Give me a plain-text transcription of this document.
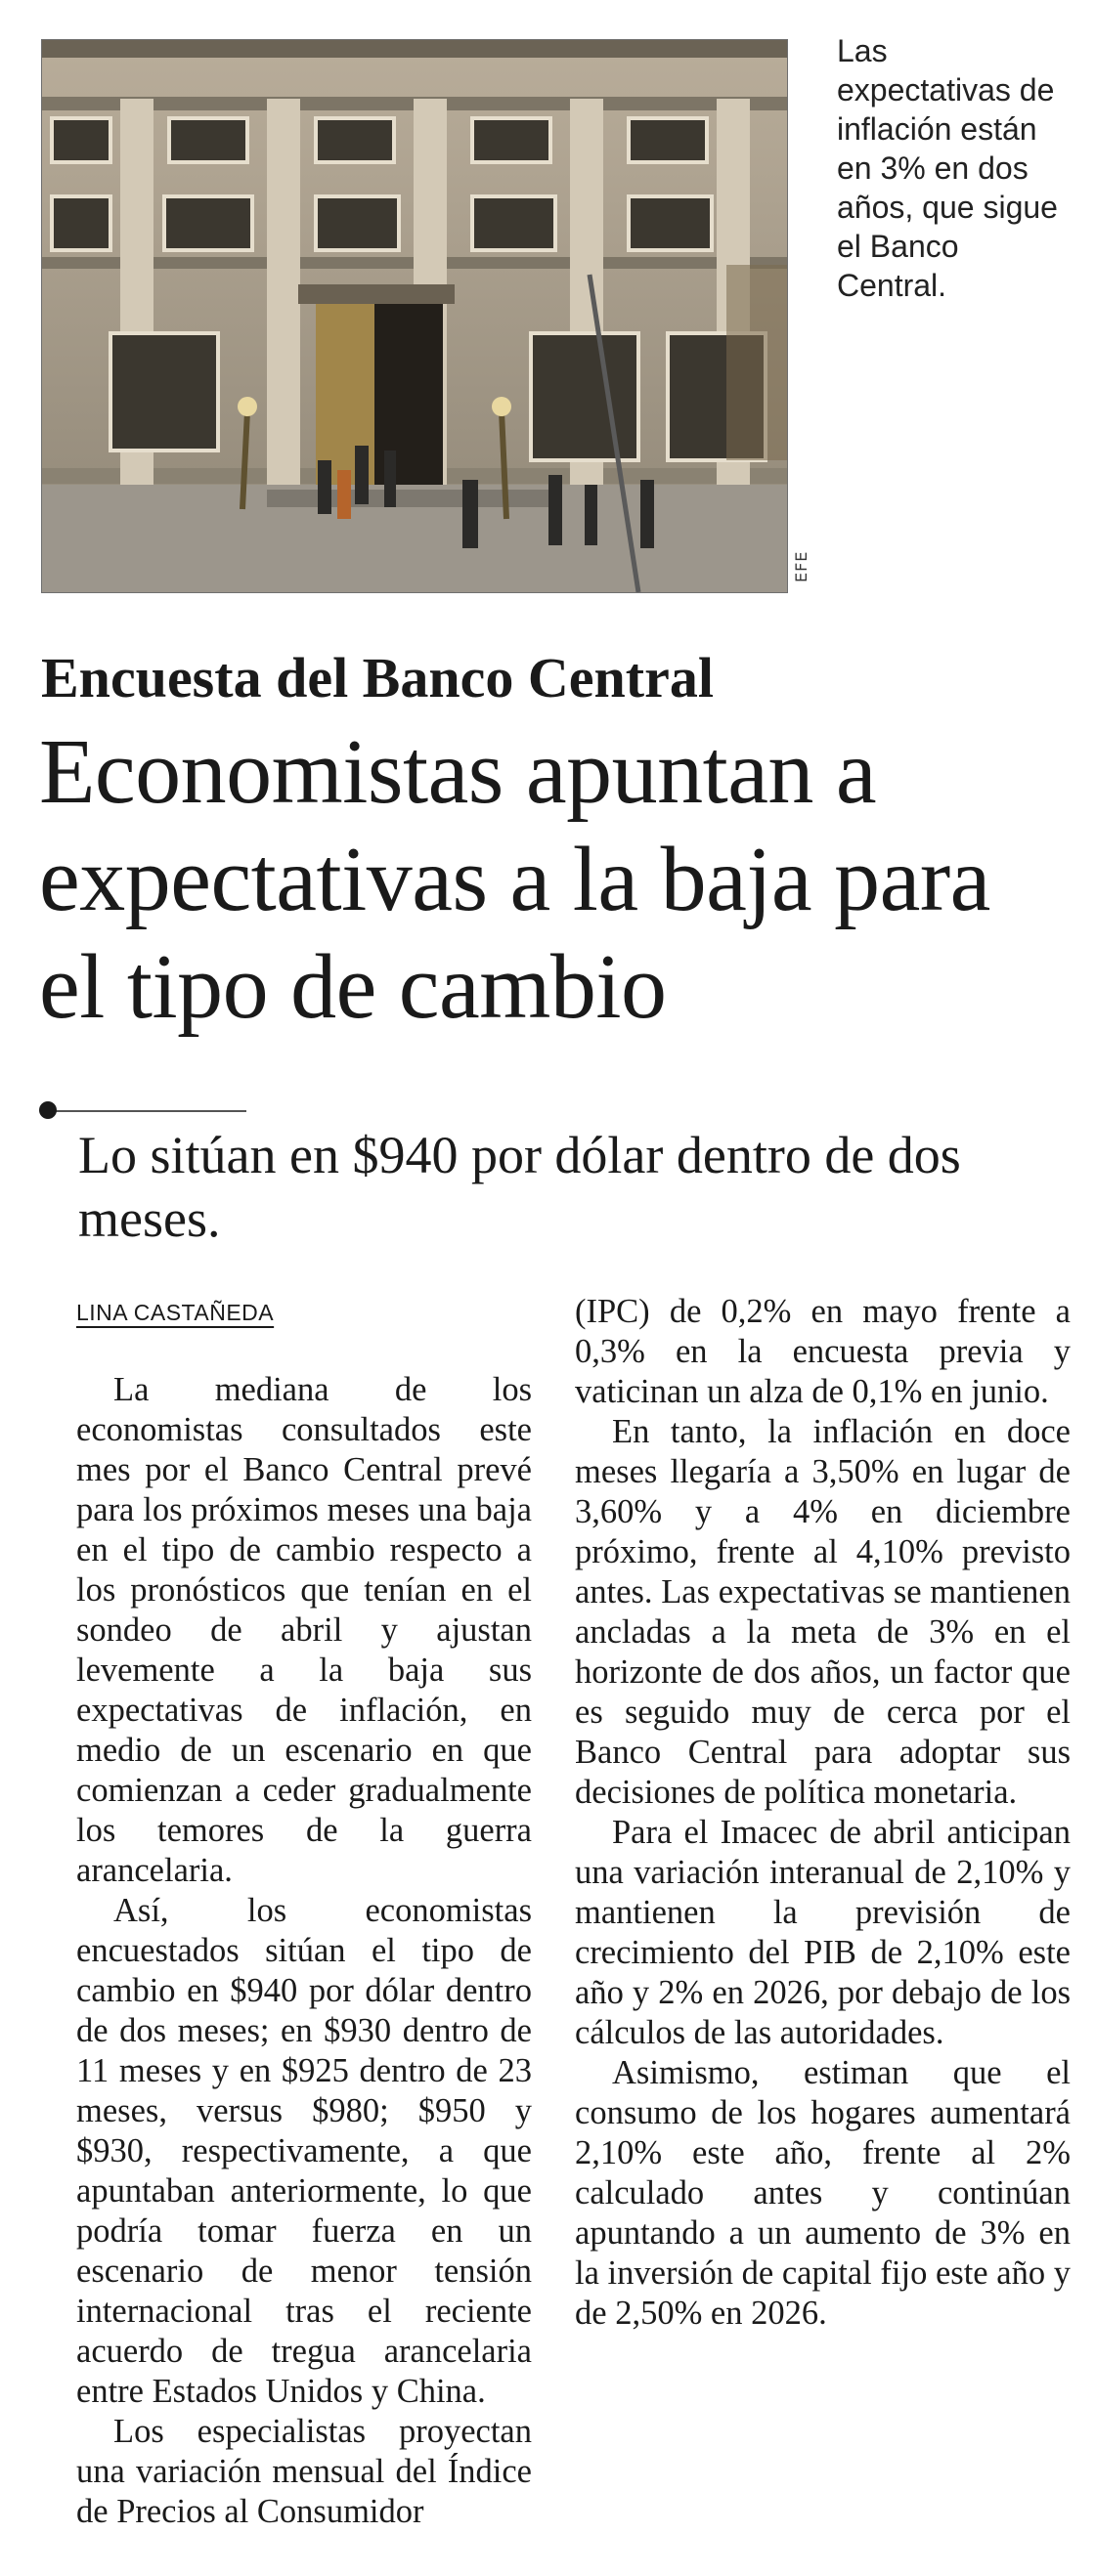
EFE

Las expectativas de inflación están en 3% en dos años, que sigue el Banco Central.

Encuesta del Banco Central
Economistas apuntan a expectativas a la baja para el tipo de cambio

Lo sitúan en $940 por dólar dentro de dos meses.

LINA CASTAÑEDA

La mediana de los economistas consultados este mes por el Banco Central prevé para los próximos meses una baja en el tipo de cambio respecto a los pronósticos que tenían en el sondeo de abril y ajustan levemente a la baja sus expectativas de inflación, en medio de un escenario en que comienzan a ceder gradualmente los temores de la guerra arancelaria.

Así, los economistas encuestados sitúan el tipo de cambio en $940 por dólar dentro de dos meses; en $930 dentro de 11 meses y en $925 dentro de 23 meses, versus $980; $950 y $930, respectivamente, a que apuntaban anteriormente, lo que podría tomar fuerza en un escenario de menor tensión internacional tras el reciente acuerdo de tregua arancelaria entre Estados Unidos y China.

Los especialistas proyectan una variación mensual del Índice de Precios al Consumidor

(IPC) de 0,2% en mayo frente a 0,3% en la encuesta previa y vaticinan un alza de 0,1% en junio.

En tanto, la inflación en doce meses llegaría a 3,50% en lugar de 3,60% y a 4% en diciembre próximo, frente al 4,10% previsto antes. Las expectativas se mantienen ancladas a la meta de 3% en el horizonte de dos años, un factor que es seguido muy de cerca por el Banco Central para adoptar sus decisiones de política monetaria.

Para el Imacec de abril anticipan una variación interanual de 2,10% y mantienen la previsión de crecimiento del PIB de 2,10% este año y 2% en 2026, por debajo de los cálculos de las autoridades.

Asimismo, estiman que el consumo de los hogares aumentará 2,10% este año, frente al 2% calculado antes y continúan apuntando a un aumento de 3% en la inversión de capital fijo este año y de 2,50% en 2026.
